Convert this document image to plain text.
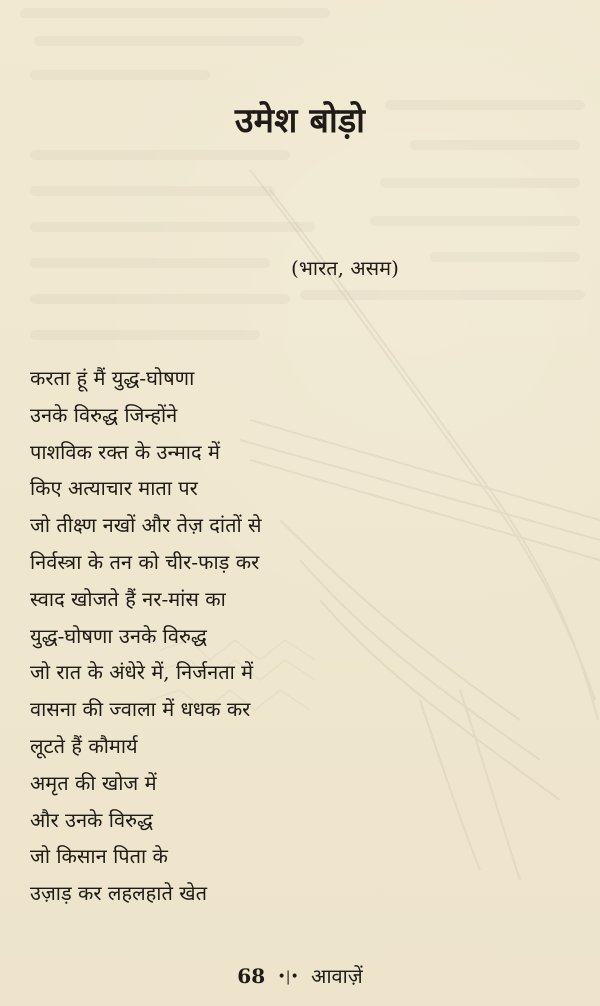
उमेश बोड़ो
(भारत, असम)
करता हूं मैं युद्ध-घोषणा
उनके विरुद्ध जिन्होंने
पाशविक रक्त के उन्माद में
किए अत्याचार माता पर
जो तीक्ष्ण नखों और तेज़ दांतों से
निर्वस्त्रा के तन को चीर-फाड़ कर
स्वाद खोजते हैं नर-मांस का
युद्ध-घोषणा उनके विरुद्ध
जो रात के अंधेरे में, निर्जनता में
वासना की ज्वाला में धधक कर
लूटते हैं कौमार्य
अमृत की खोज में
और उनके विरुद्ध
जो किसान पिता के
उज़ाड़ कर लहलहाते खेत
68 •|• आवाज़ें
